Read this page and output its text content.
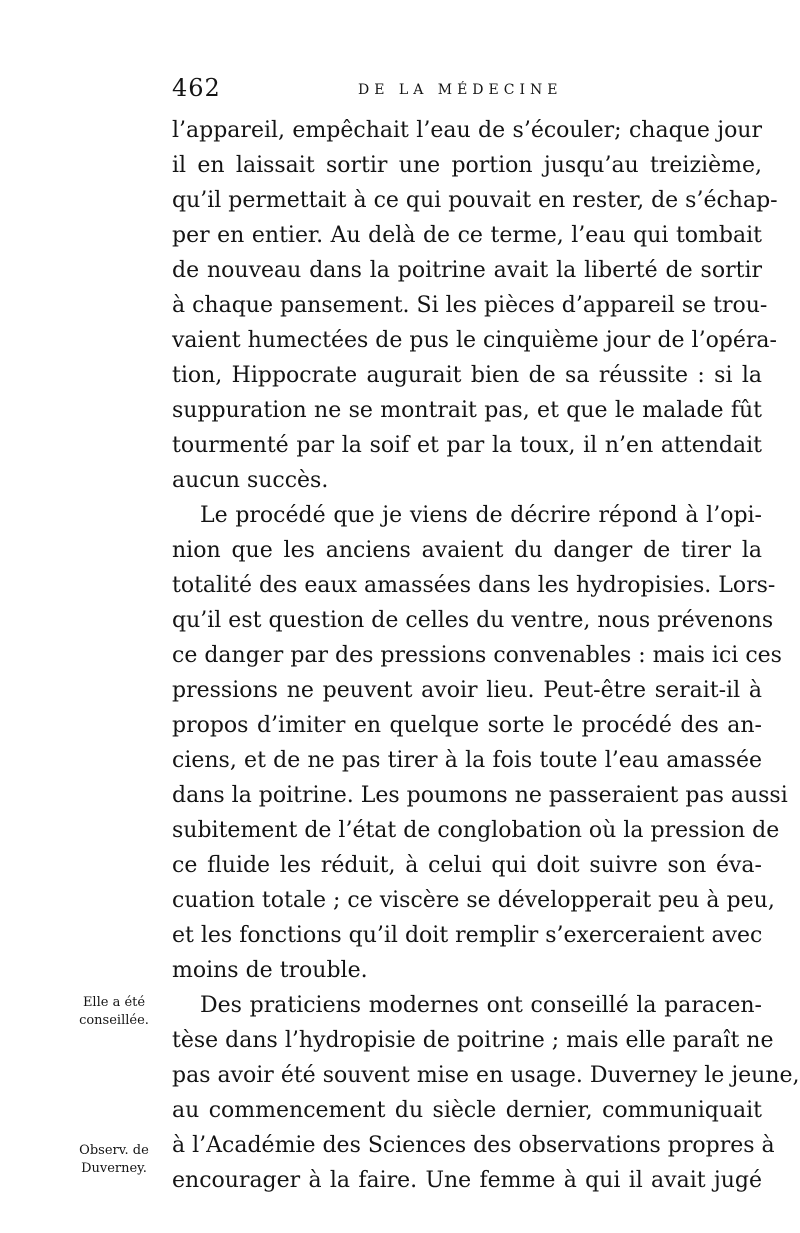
462	DE LA MÉDECINE
l’appareil, empêchait l’eau de s’écouler; chaque jour
il en laissait sortir une portion jusqu’au treizième,
qu’il permettait à ce qui pouvait en rester, de s’échap-
per en entier. Au delà de ce terme, l’eau qui tombait
de nouveau dans la poitrine avait la liberté de sortir
à chaque pansement. Si les pièces d’appareil se trou-
vaient humectées de pus le cinquième jour de l’opéra-
tion, Hippocrate augurait bien de sa réussite : si la
suppuration ne se montrait pas, et que le malade fût
tourmenté par la soif et par la toux, il n’en attendait
aucun succès.
Le procédé que je viens de décrire répond à l’opi-
nion que les anciens avaient du danger de tirer la
totalité des eaux amassées dans les hydropisies. Lors-
qu’il est question de celles du ventre, nous prévenons
ce danger par des pressions convenables : mais ici ces
pressions ne peuvent avoir lieu. Peut-être serait-il à
propos d’imiter en quelque sorte le procédé des an-
ciens, et de ne pas tirer à la fois toute l’eau amassée
dans la poitrine. Les poumons ne passeraient pas aussi
subitement de l’état de conglobation où la pression de
ce fluide les réduit, à celui qui doit suivre son éva-
cuation totale ; ce viscère se développerait peu à peu,
et les fonctions qu’il doit remplir s’exerceraient avec
moins de trouble.
Des praticiens modernes ont conseillé la paracen-
tèse dans l’hydropisie de poitrine ; mais elle paraît ne
pas avoir été souvent mise en usage. Duverney le jeune,
au commencement du siècle dernier, communiquait
à l’Académie des Sciences des observations propres à
encourager à la faire. Une femme à qui il avait jugé
Elle a été
conseillée.
Observ. de
Duverney.
